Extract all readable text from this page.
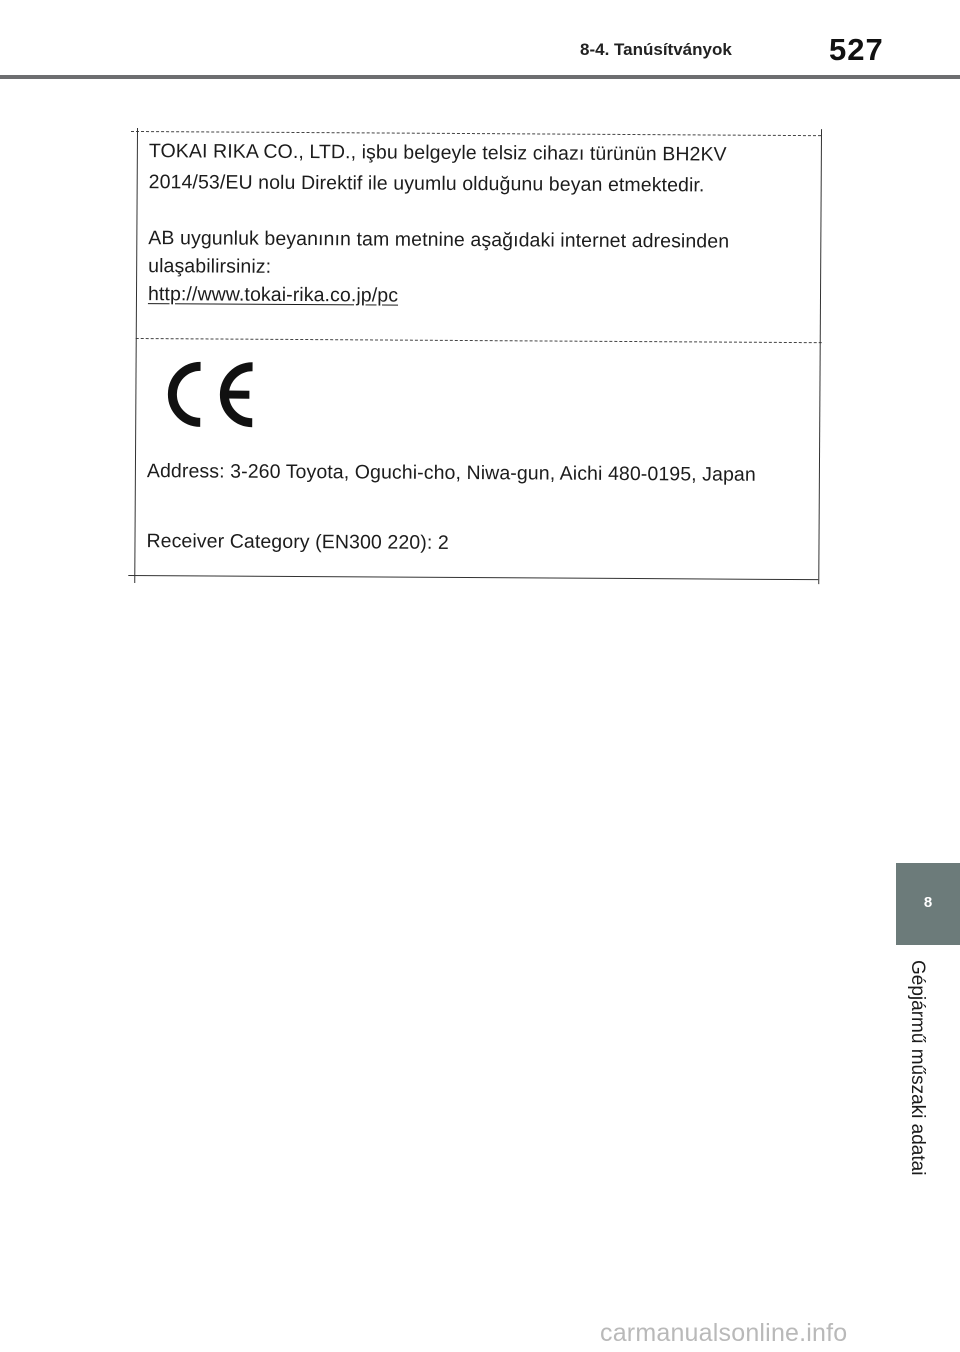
8-4. Tanúsítványok	527
TOKAI RIKA CO., LTD., işbu belgeyle telsiz cihazı türünün BH2KV
2014/53/EU nolu Direktif ile uyumlu olduğunu beyan etmektedir.
AB uygunluk beyanının tam metnine aşağıdaki internet adresinden
ulaşabilirsiniz:
http://www.tokai-rika.co.jp/pc
Address: 3-260 Toyota, Oguchi-cho, Niwa-gun, Aichi 480-0195, Japan
Receiver Category (EN300 220): 2
8
Gépjármű műszaki adatai
carmanualsonline.info
